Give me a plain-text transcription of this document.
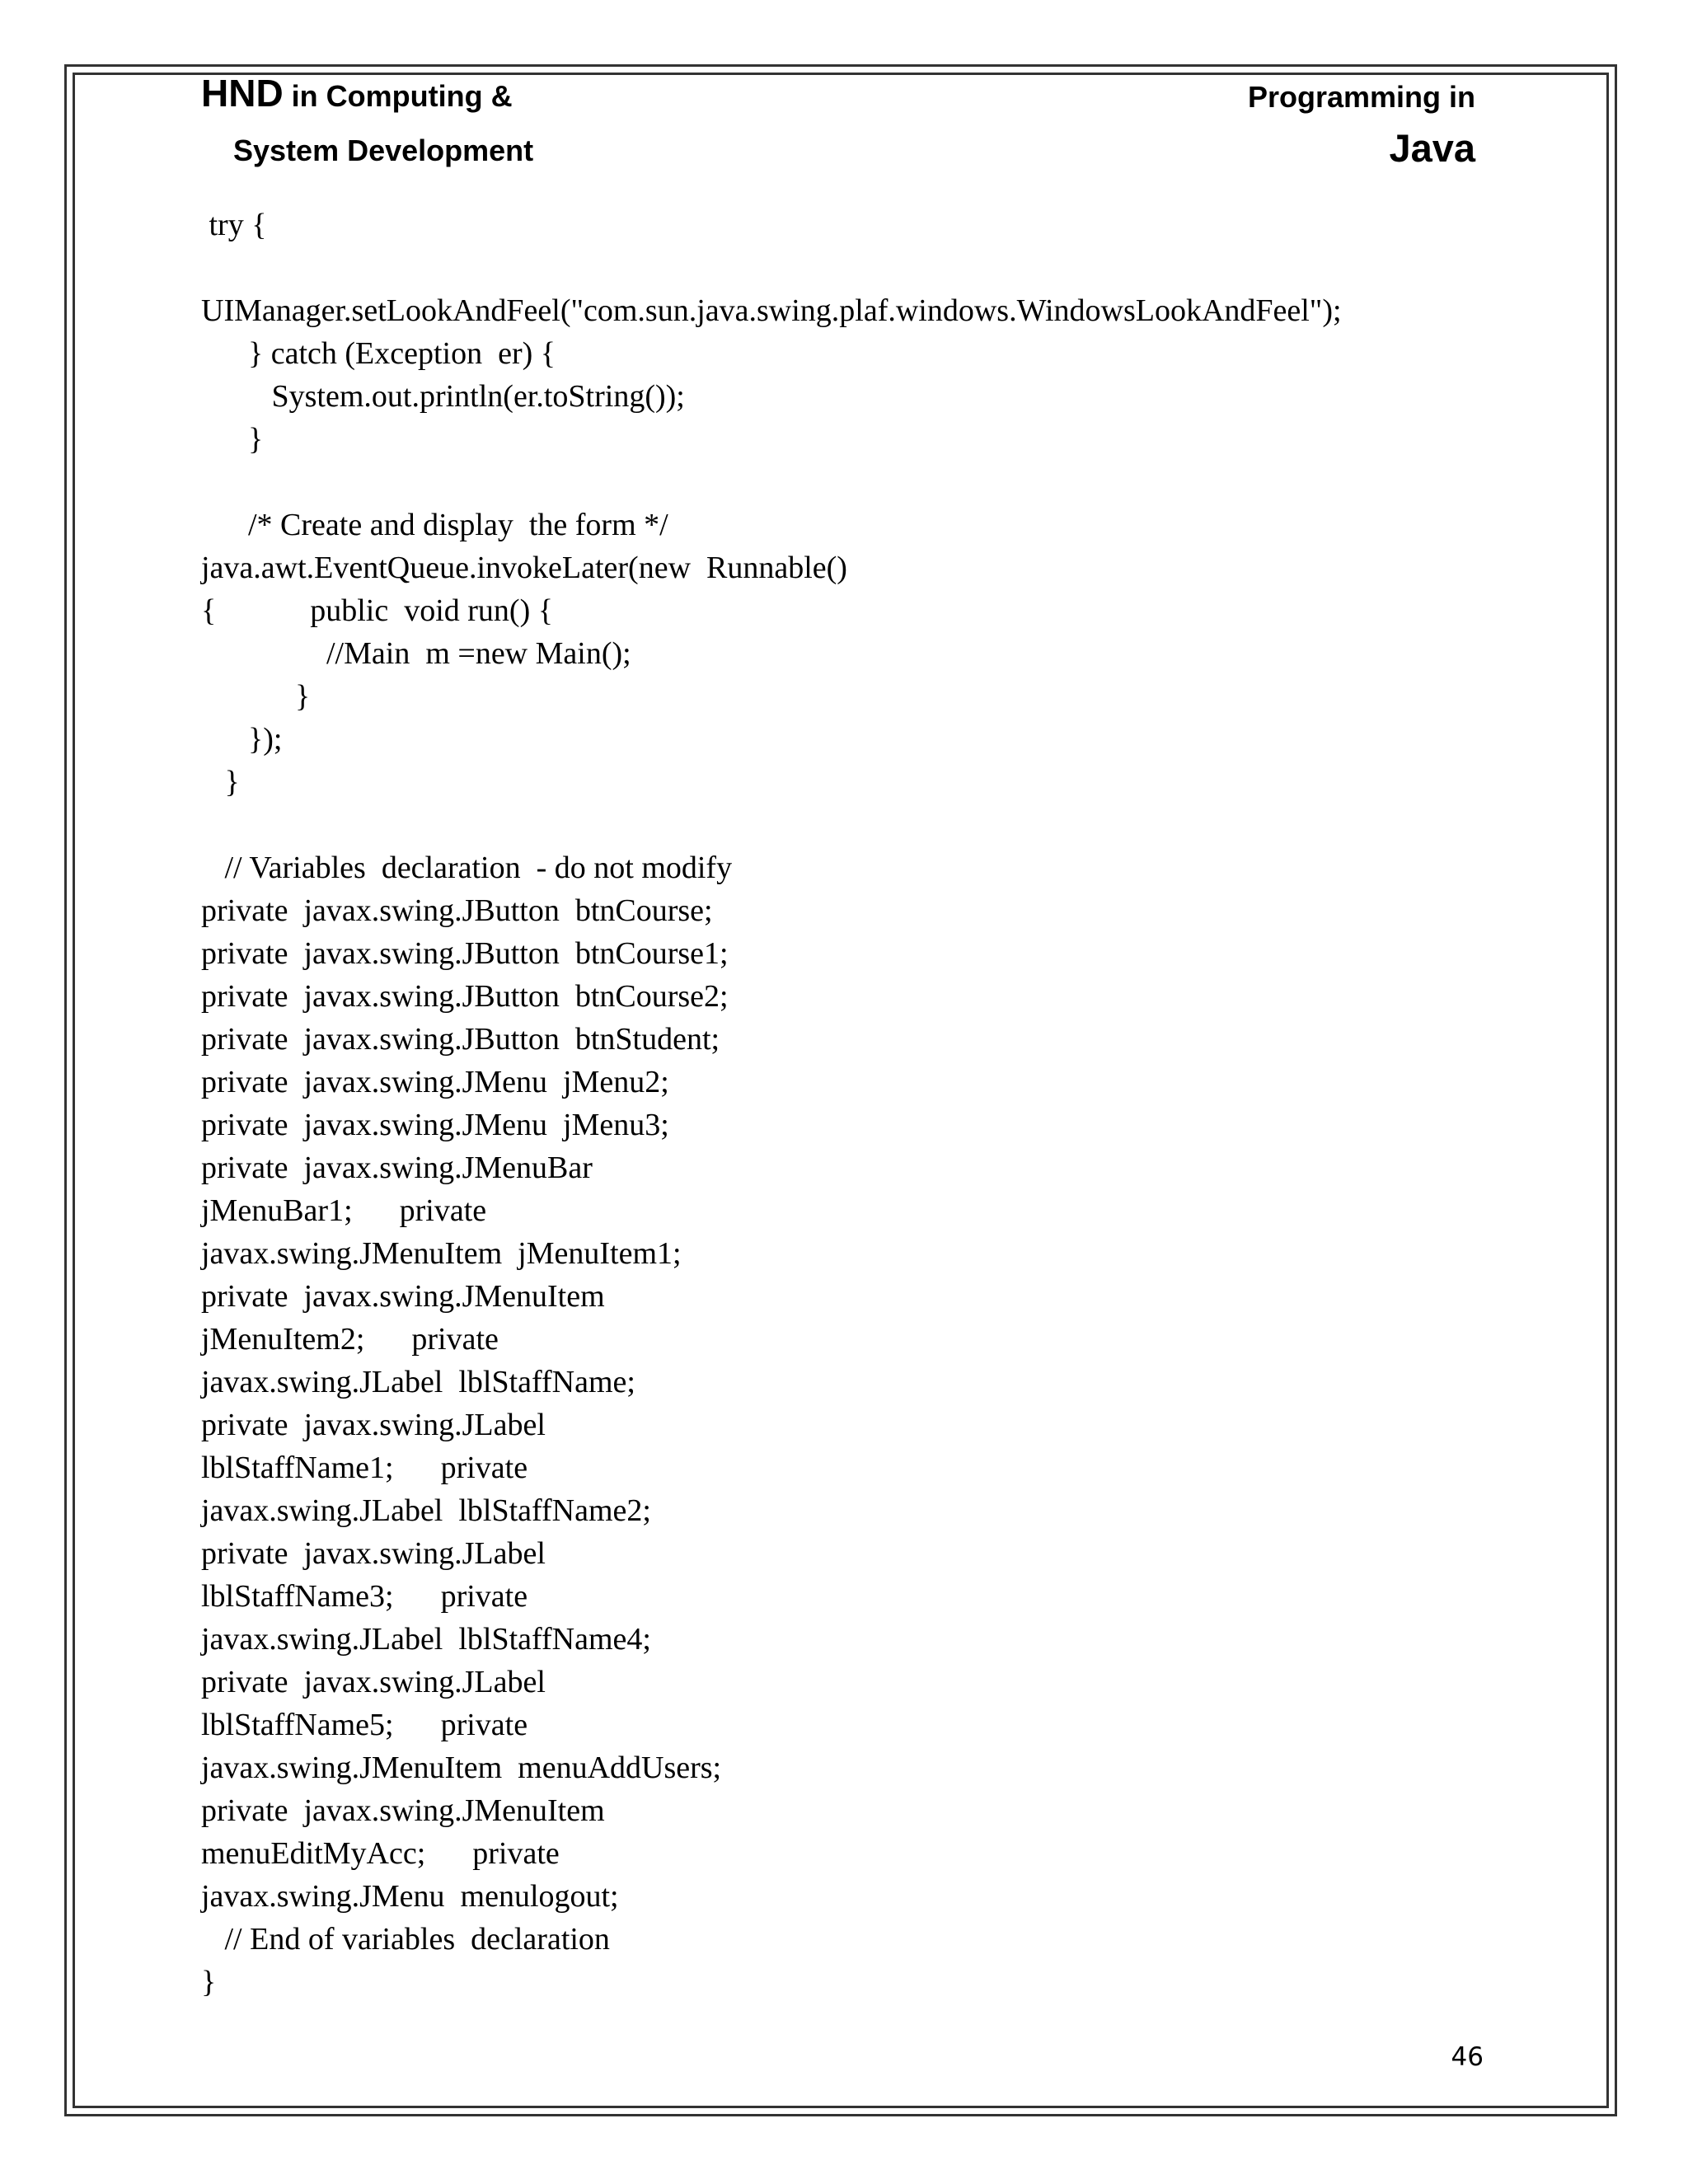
HND in Computing &
System Development
Programming in
Java
try {
UIManager.setLookAndFeel("com.sun.java.swing.plaf.windows.WindowsLookAndFeel");
} catch (Exception  er) {
System.out.println(er.toString());
}
/* Create and display  the form */
java.awt.EventQueue.invokeLater(new  Runnable()
{            public  void run() {
//Main  m =new Main();
}
});
}
// Variables  declaration  - do not modify
private  javax.swing.JButton  btnCourse;
private  javax.swing.JButton  btnCourse1;
private  javax.swing.JButton  btnCourse2;
private  javax.swing.JButton  btnStudent;
private  javax.swing.JMenu  jMenu2;
private  javax.swing.JMenu  jMenu3;
private  javax.swing.JMenuBar
jMenuBar1;      private
javax.swing.JMenuItem  jMenuItem1;
private  javax.swing.JMenuItem
jMenuItem2;      private
javax.swing.JLabel  lblStaffName;
private  javax.swing.JLabel
lblStaffName1;      private
javax.swing.JLabel  lblStaffName2;
private  javax.swing.JLabel
lblStaffName3;      private
javax.swing.JLabel  lblStaffName4;
private  javax.swing.JLabel
lblStaffName5;      private
javax.swing.JMenuItem  menuAddUsers;
private  javax.swing.JMenuItem
menuEditMyAcc;      private
javax.swing.JMenu  menulogout;
// End of variables  declaration
}
46
